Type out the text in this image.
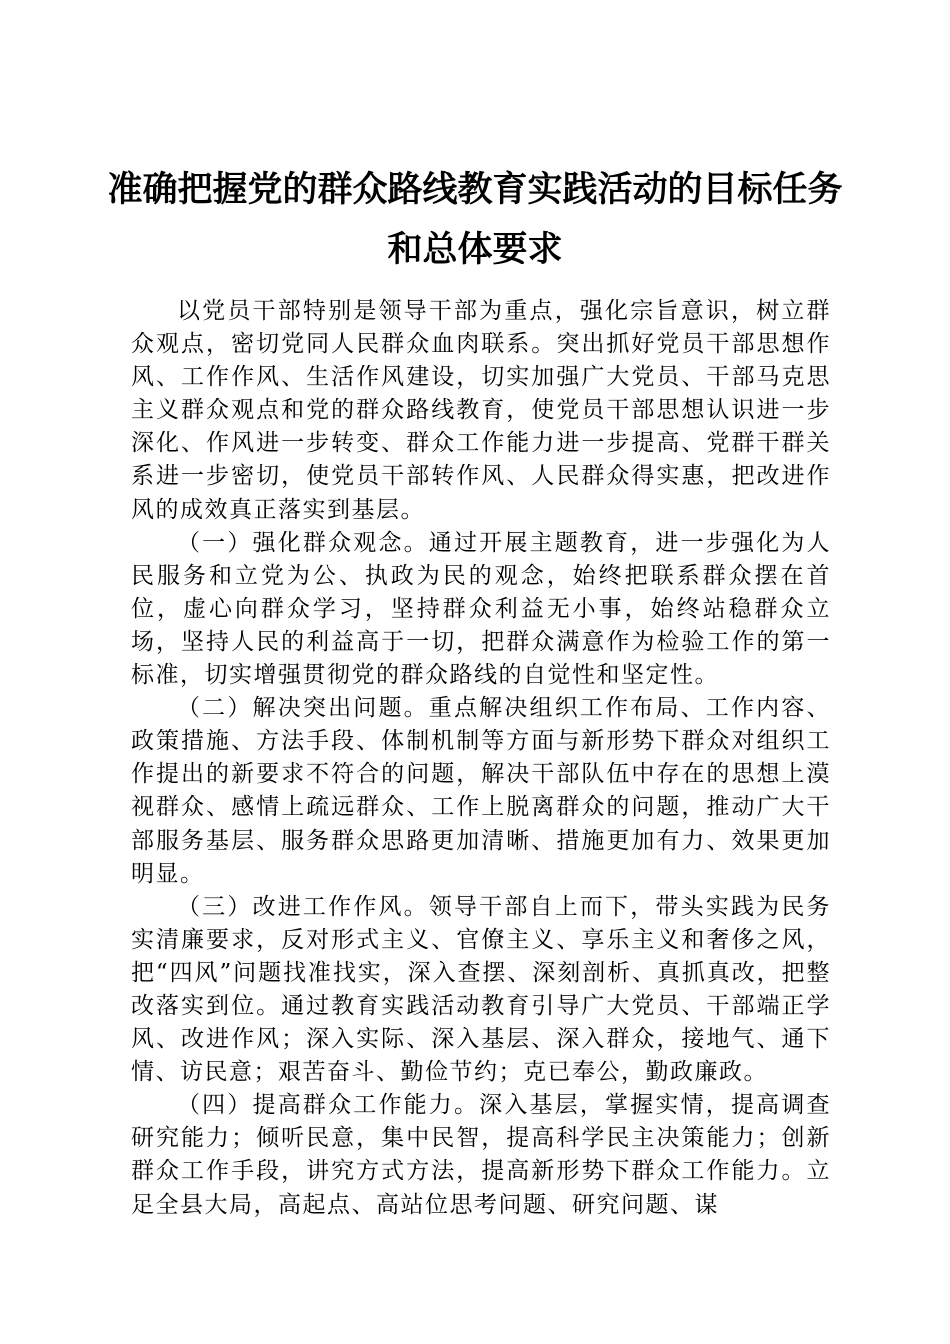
准确把握党的群众路线教育实践活动的目标任务和总体要求

以党员干部特别是领导干部为重点，强化宗旨意识，树立群众观点，密切党同人民群众血肉联系。突出抓好党员干部思想作风、工作作风、生活作风建设，切实加强广大党员、干部马克思主义群众观点和党的群众路线教育，使党员干部思想认识进一步深化、作风进一步转变、群众工作能力进一步提高、党群干群关系进一步密切，使党员干部转作风、人民群众得实惠，把改进作风的成效真正落实到基层。

（一）强化群众观念。通过开展主题教育，进一步强化为人民服务和立党为公、执政为民的观念，始终把联系群众摆在首位，虚心向群众学习，坚持群众利益无小事，始终站稳群众立场，坚持人民的利益高于一切，把群众满意作为检验工作的第一标准，切实增强贯彻党的群众路线的自觉性和坚定性。

（二）解决突出问题。重点解决组织工作布局、工作内容、政策措施、方法手段、体制机制等方面与新形势下群众对组织工作提出的新要求不符合的问题，解决干部队伍中存在的思想上漠视群众、感情上疏远群众、工作上脱离群众的问题，推动广大干部服务基层、服务群众思路更加清晰、措施更加有力、效果更加明显。

（三）改进工作作风。领导干部自上而下，带头实践为民务实清廉要求，反对形式主义、官僚主义、享乐主义和奢侈之风，把“四风”问题找准找实，深入查摆、深刻剖析、真抓真改，把整改落实到位。通过教育实践活动教育引导广大党员、干部端正学风、改进作风；深入实际、深入基层、深入群众，接地气、通下情、访民意；艰苦奋斗、勤俭节约；克已奉公，勤政廉政。

（四）提高群众工作能力。深入基层，掌握实情，提高调查研究能力；倾听民意，集中民智，提高科学民主决策能力；创新群众工作手段，讲究方式方法，提高新形势下群众工作能力。立足全县大局，高起点、高站位思考问题、研究问题、谋
